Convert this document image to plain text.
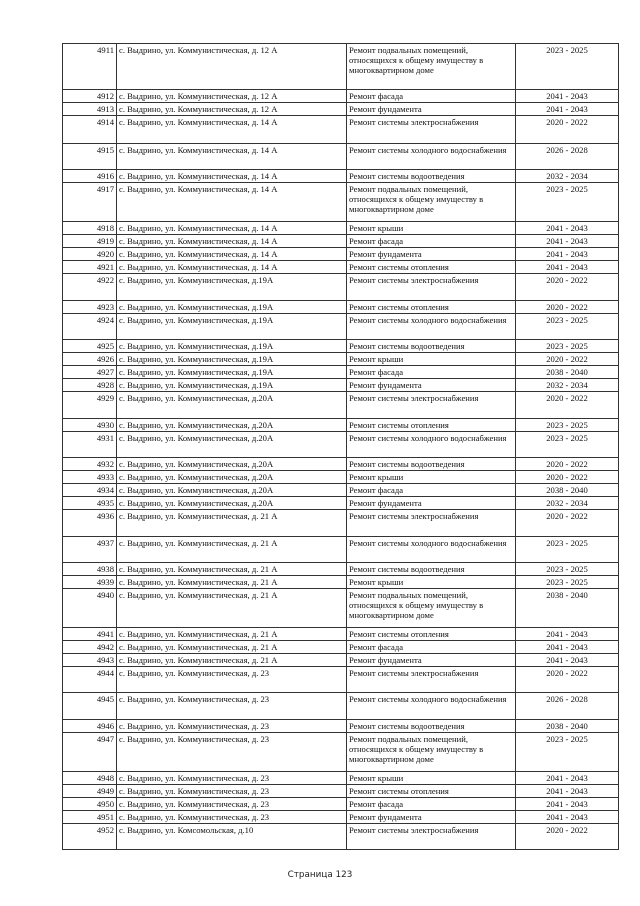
4911	с. Выдрино, ул. Коммунистическая, д. 12 А	Ремонт подвальных помещений, относящихся к общему имуществу в многоквартирном доме	2023 - 2025
4912	с. Выдрино, ул. Коммунистическая, д. 12 А	Ремонт фасада	2041 - 2043
4913	с. Выдрино, ул. Коммунистическая, д. 12 А	Ремонт фундамента	2041 - 2043
4914	с. Выдрино, ул. Коммунистическая, д. 14 А	Ремонт системы электроснабжения	2020 - 2022
4915	с. Выдрино, ул. Коммунистическая, д. 14 А	Ремонт системы холодного водоснабжения	2026 - 2028
4916	с. Выдрино, ул. Коммунистическая, д. 14 А	Ремонт системы водоотведения	2032 - 2034
4917	с. Выдрино, ул. Коммунистическая, д. 14 А	Ремонт подвальных помещений, относящихся к общему имуществу в многоквартирном доме	2023 - 2025
4918	с. Выдрино, ул. Коммунистическая, д. 14 А	Ремонт крыши	2041 - 2043
4919	с. Выдрино, ул. Коммунистическая, д. 14 А	Ремонт фасада	2041 - 2043
4920	с. Выдрино, ул. Коммунистическая, д. 14 А	Ремонт фундамента	2041 - 2043
4921	с. Выдрино, ул. Коммунистическая, д. 14 А	Ремонт системы отопления	2041 - 2043
4922	с. Выдрино, ул. Коммунистическая, д.19А	Ремонт системы электроснабжения	2020 - 2022
4923	с. Выдрино, ул. Коммунистическая, д.19А	Ремонт системы отопления	2020 - 2022
4924	с. Выдрино, ул. Коммунистическая, д.19А	Ремонт системы холодного водоснабжения	2023 - 2025
4925	с. Выдрино, ул. Коммунистическая, д.19А	Ремонт системы водоотведения	2023 - 2025
4926	с. Выдрино, ул. Коммунистическая, д.19А	Ремонт крыши	2020 - 2022
4927	с. Выдрино, ул. Коммунистическая, д.19А	Ремонт фасада	2038 - 2040
4928	с. Выдрино, ул. Коммунистическая, д.19А	Ремонт фундамента	2032 - 2034
4929	с. Выдрино, ул. Коммунистическая, д.20А	Ремонт системы электроснабжения	2020 - 2022
4930	с. Выдрино, ул. Коммунистическая, д.20А	Ремонт системы отопления	2023 - 2025
4931	с. Выдрино, ул. Коммунистическая, д.20А	Ремонт системы холодного водоснабжения	2023 - 2025
4932	с. Выдрино, ул. Коммунистическая, д.20А	Ремонт системы водоотведения	2020 - 2022
4933	с. Выдрино, ул. Коммунистическая, д.20А	Ремонт крыши	2020 - 2022
4934	с. Выдрино, ул. Коммунистическая, д.20А	Ремонт фасада	2038 - 2040
4935	с. Выдрино, ул. Коммунистическая, д.20А	Ремонт фундамента	2032 - 2034
4936	с. Выдрино, ул. Коммунистическая, д. 21 А	Ремонт системы электроснабжения	2020 - 2022
4937	с. Выдрино, ул. Коммунистическая, д. 21 А	Ремонт системы холодного водоснабжения	2023 - 2025
4938	с. Выдрино, ул. Коммунистическая, д. 21 А	Ремонт системы водоотведения	2023 - 2025
4939	с. Выдрино, ул. Коммунистическая, д. 21 А	Ремонт крыши	2023 - 2025
4940	с. Выдрино, ул. Коммунистическая, д. 21 А	Ремонт подвальных помещений, относящихся к общему имуществу в многоквартирном доме	2038 - 2040
4941	с. Выдрино, ул. Коммунистическая, д. 21 А	Ремонт системы отопления	2041 - 2043
4942	с. Выдрино, ул. Коммунистическая, д. 21 А	Ремонт фасада	2041 - 2043
4943	с. Выдрино, ул. Коммунистическая, д. 21 А	Ремонт фундамента	2041 - 2043
4944	с. Выдрино, ул. Коммунистическая, д. 23	Ремонт системы электроснабжения	2020 - 2022
4945	с. Выдрино, ул. Коммунистическая, д. 23	Ремонт системы холодного водоснабжения	2026 - 2028
4946	с. Выдрино, ул. Коммунистическая, д. 23	Ремонт системы водоотведения	2038 - 2040
4947	с. Выдрино, ул. Коммунистическая, д. 23	Ремонт подвальных помещений, относящихся к общему имуществу в многоквартирном доме	2023 - 2025
4948	с. Выдрино, ул. Коммунистическая, д. 23	Ремонт крыши	2041 - 2043
4949	с. Выдрино, ул. Коммунистическая, д. 23	Ремонт системы отопления	2041 - 2043
4950	с. Выдрино, ул. Коммунистическая, д. 23	Ремонт фасада	2041 - 2043
4951	с. Выдрино, ул. Коммунистическая, д. 23	Ремонт фундамента	2041 - 2043
4952	с. Выдрино, ул. Комсомольская, д.10	Ремонт системы электроснабжения	2020 - 2022
Страница 123
